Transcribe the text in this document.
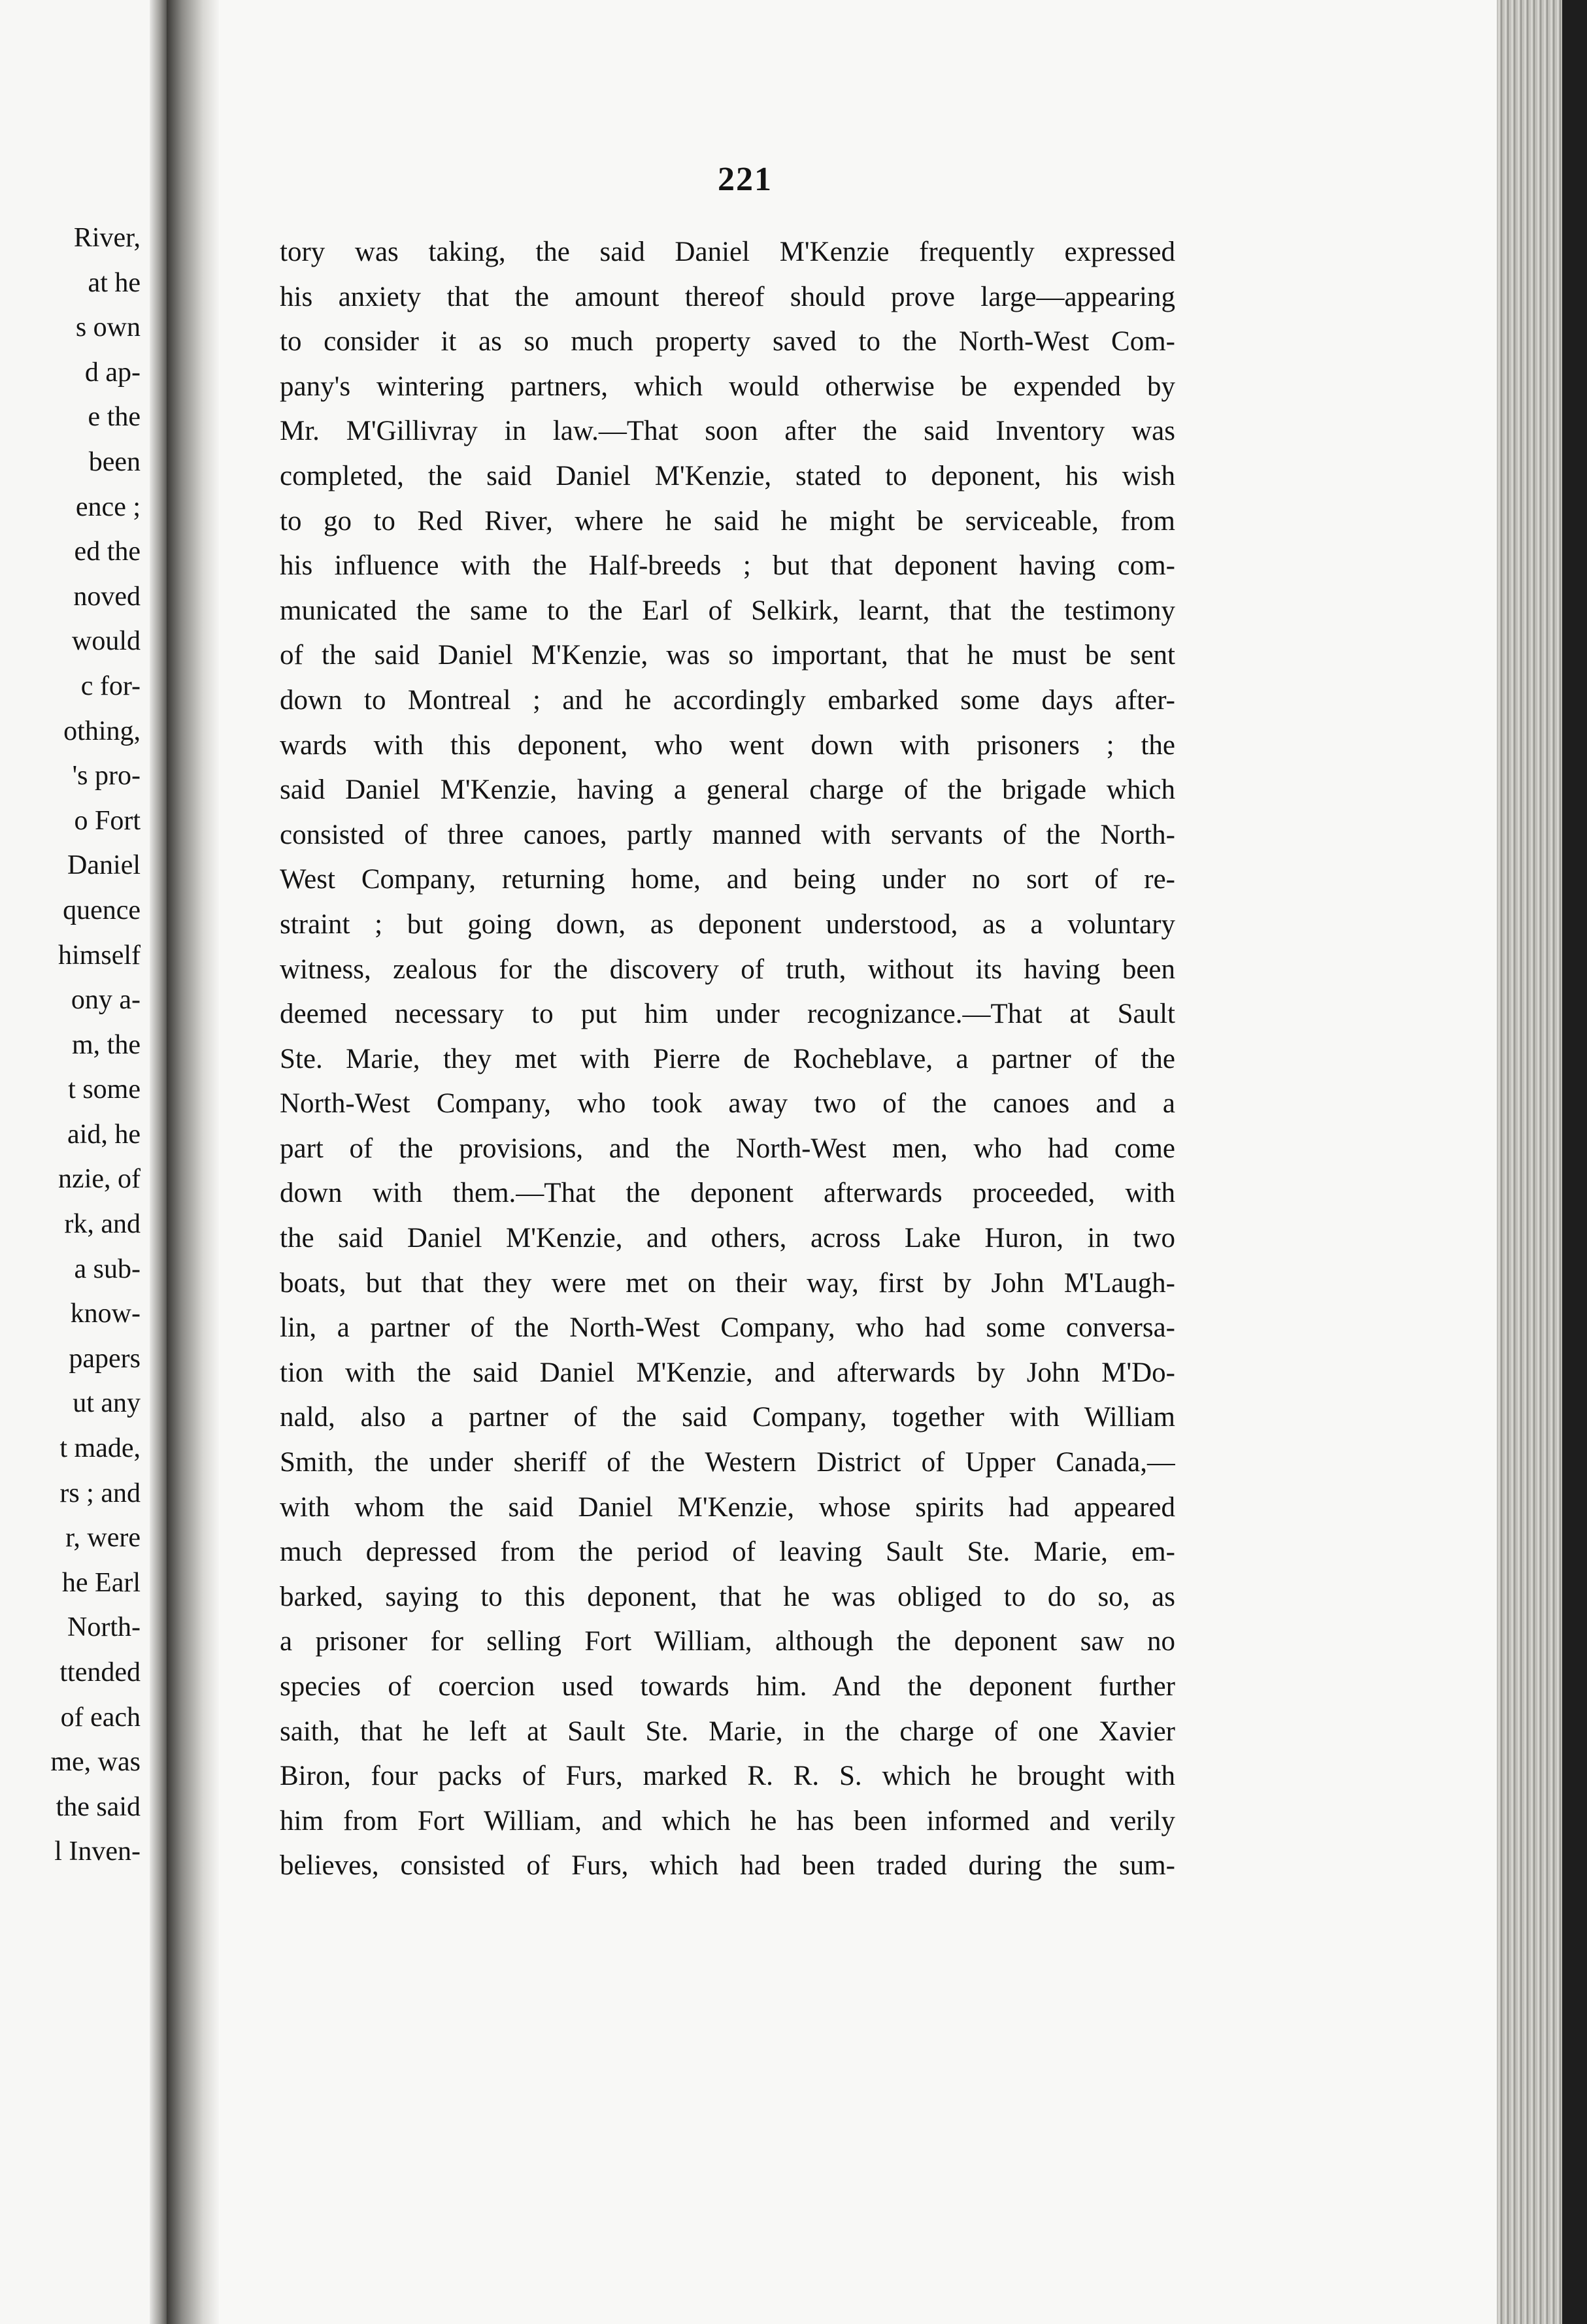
River,
at he
s own
d ap-
e the
been
ence ;
ed the
noved
would
c for-
othing,
's pro-
o Fort
Daniel
quence
himself
ony a-
m, the
t some
aid, he
nzie, of
rk, and
a sub-
know-
papers
ut any
t made,
rs ; and
r, were
he Earl
North-
ttended
of each
me, was
the said
l Inven-
221
tory was taking, the said Daniel M'Kenzie frequently expressed
his anxiety that the amount thereof should prove large—appearing
to consider it as so much property saved to the North-West Com-
pany's wintering partners, which would otherwise be expended by
Mr. M'Gillivray in law.—That soon after the said Inventory was
completed, the said Daniel M'Kenzie, stated to deponent, his wish
to go to Red River, where he said he might be serviceable, from
his influence with the Half-breeds ; but that deponent having com-
municated the same to the Earl of Selkirk, learnt, that the testimony
of the said Daniel M'Kenzie, was so important, that he must be sent
down to Montreal ; and he accordingly embarked some days after-
wards with this deponent, who went down with prisoners ; the
said Daniel M'Kenzie, having a general charge of the brigade which
consisted of three canoes, partly manned with servants of the North-
West Company, returning home, and being under no sort of re-
straint ; but going down, as deponent understood, as a voluntary
witness, zealous for the discovery of truth, without its having been
deemed necessary to put him under recognizance.—That at Sault
Ste. Marie, they met with Pierre de Rocheblave, a partner of the
North-West Company, who took away two of the canoes and a
part of the provisions, and the North-West men, who had come
down with them.—That the deponent afterwards proceeded, with
the said Daniel M'Kenzie, and others, across Lake Huron, in two
boats, but that they were met on their way, first by John M'Laugh-
lin, a partner of the North-West Company, who had some conversa-
tion with the said Daniel M'Kenzie, and afterwards by John M'Do-
nald, also a partner of the said Company, together with William
Smith, the under sheriff of the Western District of Upper Canada,—
with whom the said Daniel M'Kenzie, whose spirits had appeared
much depressed from the period of leaving Sault Ste. Marie, em-
barked, saying to this deponent, that he was obliged to do so, as
a prisoner for selling Fort William, although the deponent saw no
species of coercion used towards him. And the deponent further
saith, that he left at Sault Ste. Marie, in the charge of one Xavier
Biron, four packs of Furs, marked R. R. S. which he brought with
him from Fort William, and which he has been informed and verily
believes, consisted of Furs, which had been traded during the sum-
